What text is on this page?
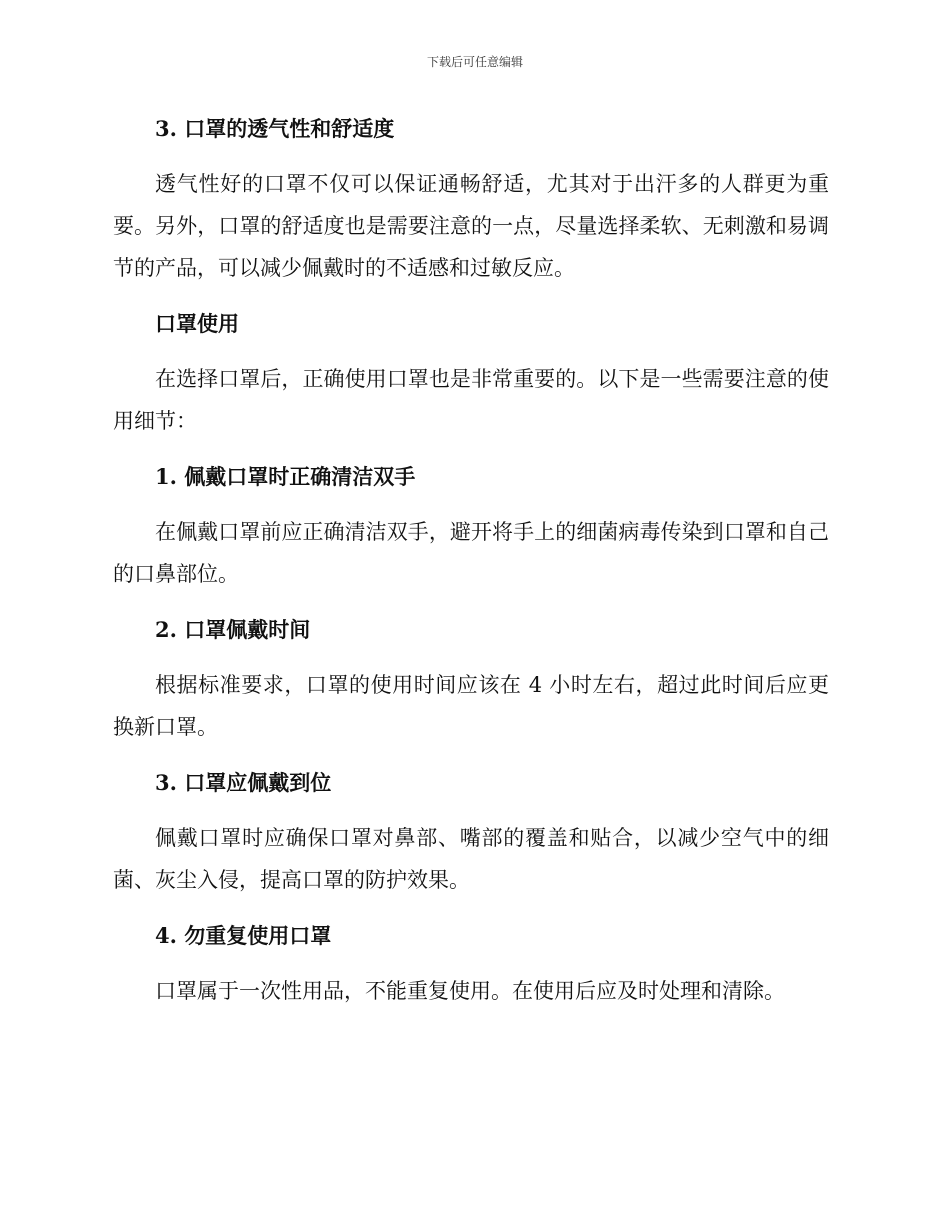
下载后可任意编辑

3. 口罩的透气性和舒适度

透气性好的口罩不仅可以保证通畅舒适，尤其对于出汗多的人群更为重要。另外，口罩的舒适度也是需要注意的一点，尽量选择柔软、无刺激和易调节的产品，可以减少佩戴时的不适感和过敏反应。

口罩使用

在选择口罩后，正确使用口罩也是非常重要的。以下是一些需要注意的使用细节：

1. 佩戴口罩时正确清洁双手

在佩戴口罩前应正确清洁双手，避开将手上的细菌病毒传染到口罩和自己的口鼻部位。

2. 口罩佩戴时间

根据标准要求，口罩的使用时间应该在 4 小时左右，超过此时间后应更换新口罩。

3. 口罩应佩戴到位

佩戴口罩时应确保口罩对鼻部、嘴部的覆盖和贴合，以减少空气中的细菌、灰尘入侵，提高口罩的防护效果。

4. 勿重复使用口罩

口罩属于一次性用品，不能重复使用。在使用后应及时处理和清除。
